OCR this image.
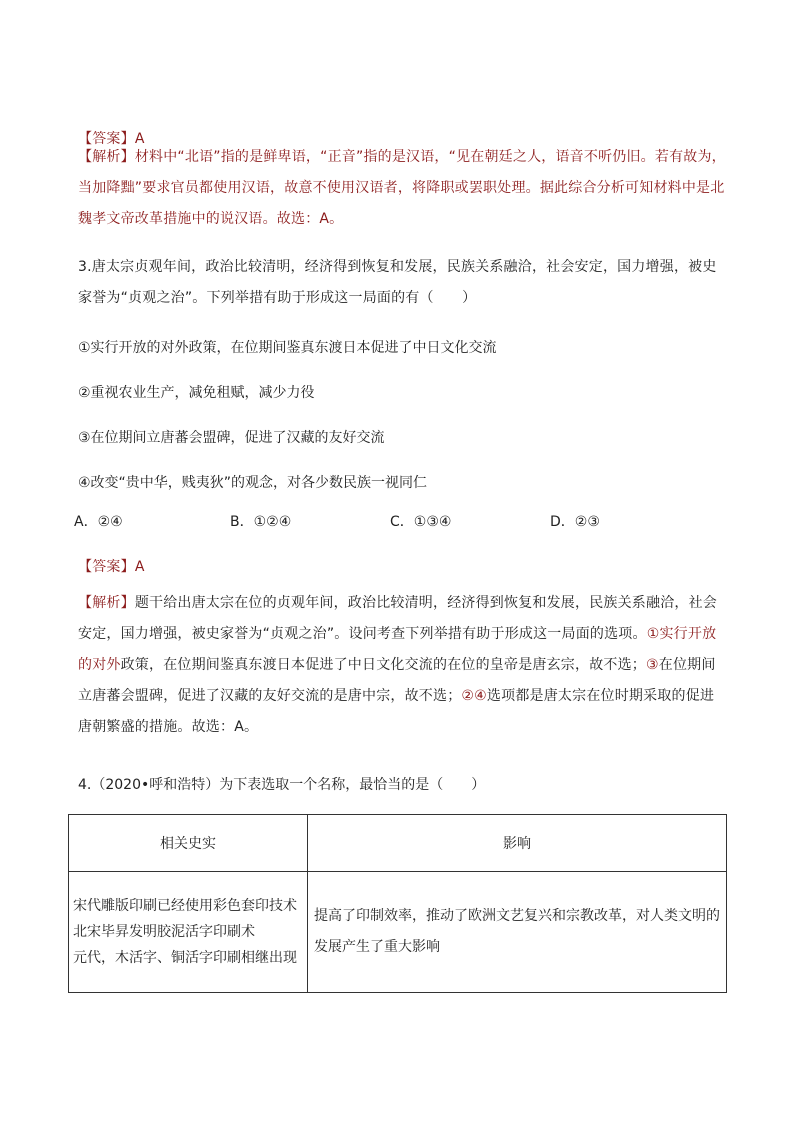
【答案】A
【解析】材料中“北语”指的是鲜卑语，“正音”指的是汉语，“见在朝廷之人，语音不听仍旧。若有故为，当加降黜”要求官员都使用汉语，故意不使用汉语者，将降职或罢职处理。据此综合分析可知材料中是北魏孝文帝改革措施中的说汉语。故选：A。
3.唐太宗贞观年间，政治比较清明，经济得到恢复和发展，民族关系融洽，社会安定，国力增强，被史家誉为“贞观之治”。下列举措有助于形成这一局面的有（　　）
①实行开放的对外政策，在位期间鉴真东渡日本促进了中日文化交流
②重视农业生产，减免租赋，减少力役
③在位期间立唐蕃会盟碑，促进了汉藏的友好交流
④改变“贵中华，贱夷狄”的观念，对各少数民族一视同仁
A．②④	B．①②④	C．①③④	D．②③
【答案】A
【解析】题干给出唐太宗在位的贞观年间，政治比较清明，经济得到恢复和发展，民族关系融洽，社会安定，国力增强，被史家誉为“贞观之治”。设问考查下列举措有助于形成这一局面的选项。①实行开放的对外政策，在位期间鉴真东渡日本促进了中日文化交流的在位的皇帝是唐玄宗，故不选；③在位期间立唐蕃会盟碑，促进了汉藏的友好交流的是唐中宗，故不选；②④选项都是唐太宗在位时期采取的促进唐朝繁盛的措施。故选：A。
4.（2020•呼和浩特）为下表选取一个名称，最恰当的是（　　）
相关史实	影响

宋代雕版印刷已经使用彩色套印技术
北宋毕昇发明胶泥活字印刷术
元代，木活字、铜活字印刷相继出现	提高了印制效率，推动了欧洲文艺复兴和宗教改革，对人类文明的发展产生了重大影响
